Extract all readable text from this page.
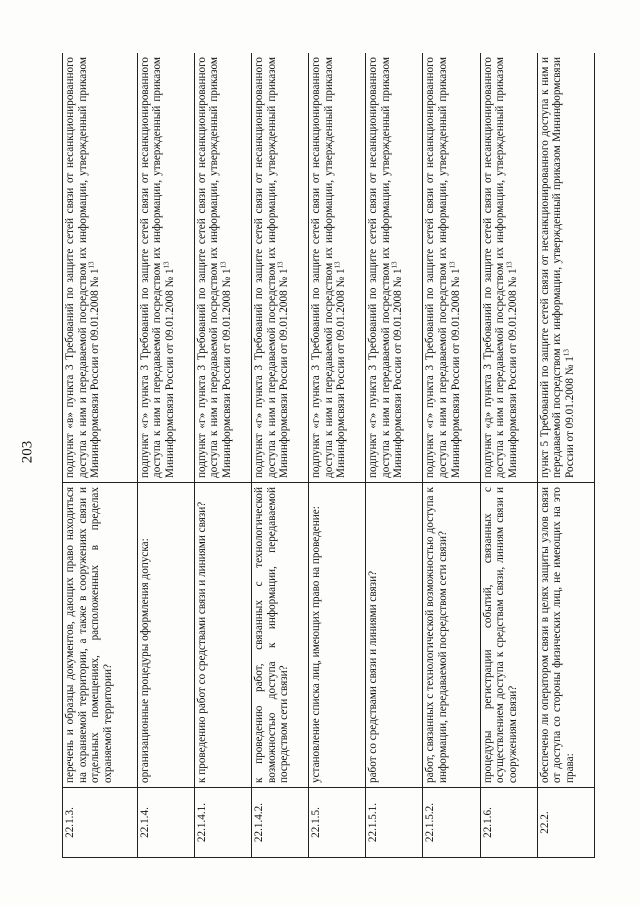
203
22.1.3.	перечень и образцы документов, дающих право находиться на охраняемой территории, а также в сооружениях связи и отдельных помещениях, расположенных в пределах охраняемой территории?	подпункт «в» пункта 3 Требований по защите сетей связи от несанкционированного доступа к ним и передаваемой посредством их информации, утвержденный приказом Мининформсвязи России от 09.01.2008 № $1^{13}$
22.1.4.	организационные процедуры оформления допуска:	подпункт «г» пункта 3 Требований по защите сетей связи от несанкционированного доступа к ним и передаваемой посредством их информации, утвержденный приказом Мининформсвязи России от 09.01.2008 № $1^{13}$
22.1.4.1.	к проведению работ со средствами связи и линиями связи?	подпункт «г» пункта 3 Требований по защите сетей связи от несанкционированного доступа к ним и передаваемой посредством их информации, утвержденный приказом Мининформсвязи России от 09.01.2008 № $1^{13}$
22.1.4.2.	к проведению работ, связанных с технологической возможностью доступа к информации, передаваемой посредством сети связи?	подпункт «г» пункта 3 Требований по защите сетей связи от несанкционированного доступа к ним и передаваемой посредством их информации, утвержденный приказом Мининформсвязи России от 09.01.2008 № $1^{13}$
22.1.5.	установление списка лиц, имеющих право на проведение:	подпункт «г» пункта 3 Требований по защите сетей связи от несанкционированного доступа к ним и передаваемой посредством их информации, утвержденный приказом Мининформсвязи России от 09.01.2008 № $1^{13}$
22.1.5.1.	работ со средствами связи и линиями связи?	подпункт «г» пункта 3 Требований по защите сетей связи от несанкционированного доступа к ним и передаваемой посредством их информации, утвержденный приказом Мининформсвязи России от 09.01.2008 № $1^{13}$
22.1.5.2.	работ, связанных с технологической возможностью доступа к информации, передаваемой посредством сети связи?	подпункт «г» пункта 3 Требований по защите сетей связи от несанкционированного доступа к ним и передаваемой посредством их информации, утвержденный приказом Мининформсвязи России от 09.01.2008 № $1^{13}$
22.1.6.	процедуры регистрации событий, связанных с осуществлением доступа к средствам связи, линиям связи и сооружениям связи?	подпункт «д» пункта 3 Требований по защите сетей связи от несанкционированного доступа к ним и передаваемой посредством их информации, утвержденный приказом Мининформсвязи России от 09.01.2008 № $1^{13}$
22.2.	обеспечено ли оператором связи в целях защиты узлов связи от доступа со стороны физических лиц, не имеющих на это права:	пункт 5 Требований по защите сетей связи от несанкционированного доступа к ним и передаваемой посредством их информации, утвержденный приказом Мининформсвязи России от 09.01.2008 № $1^{13}$
